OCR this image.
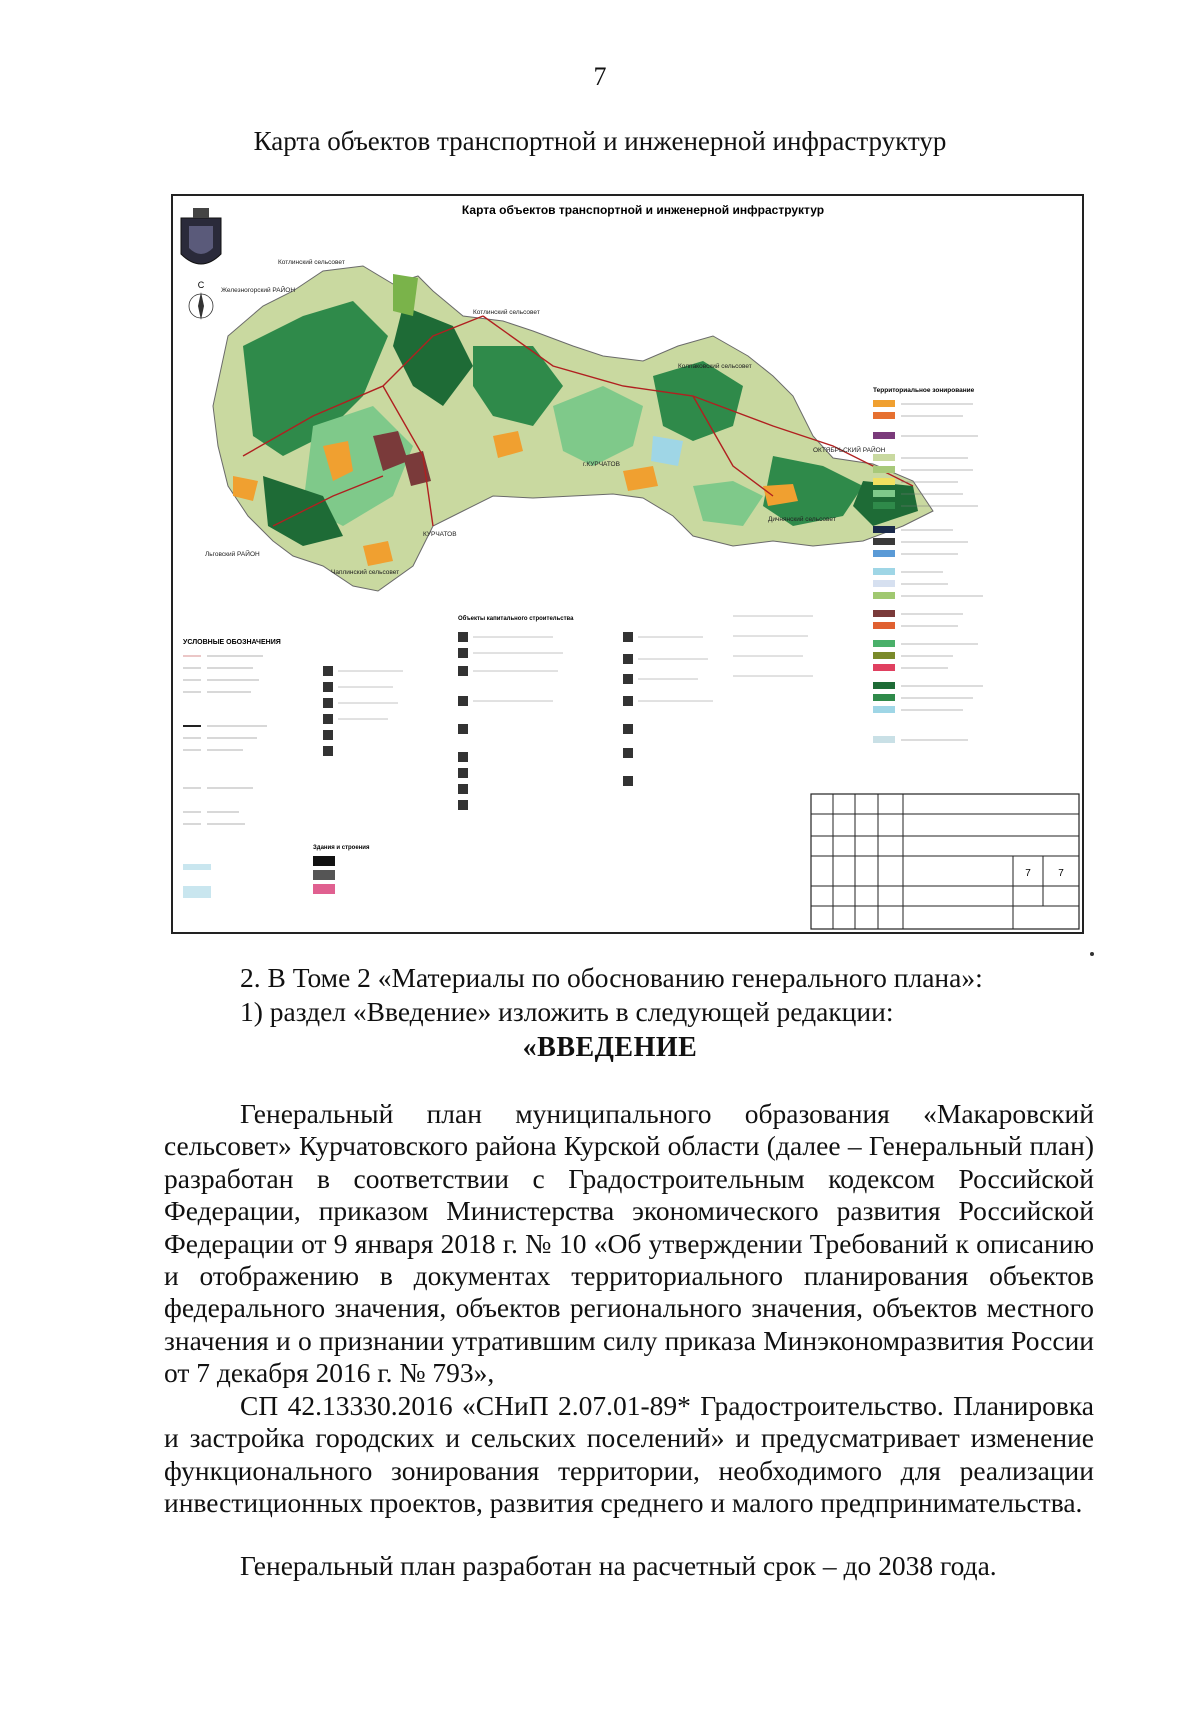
7
Карта объектов транспортной и инженерной инфраструктур
Карта объектов транспортной и инженерной инфраструктур
С
Котлинский сельсовет
Железногорский РАЙОН
Котлинский сельсовет
Колпаковский сельсовет
ОКТЯБРЬСКИЙ РАЙОН
Дичнянский сельсовет
г.КУРЧАТОВ
КУРЧАТОВ
Чаплинский сельсовет
Льговский РАЙОН
Территориальное зонирование
УСЛОВНЫЕ ОБОЗНАЧЕНИЯ
Здания и строения
Объекты капитального строительства
7	7
2. В Томе 2 «Материалы по обоснованию генерального плана»:
1) раздел «Введение» изложить в следующей редакции:
«ВВЕДЕНИЕ

Генеральный план муниципального образования «Макаровский сельсовет» Курчатовского района Курской области (далее – Генеральный план) разработан в соответствии с Градостроительным кодексом Российской Федерации, приказом Министерства экономического развития Российской Федерации от 9 января 2018 г. № 10 «Об утверждении Требований к описанию и отображению в документах территориального планирования объектов федерального значения, объектов регионального значения, объектов местного значения и о признании утратившим силу приказа Минэкономразвития России от 7 декабря 2016 г. № 793»,

СП 42.13330.2016 «СНиП 2.07.01-89* Градостроительство. Планировка и застройка городских и сельских поселений» и предусматривает изменение функционального зонирования территории, необходимого для реализации инвестиционных проектов, развития среднего и малого предпринимательства.

Генеральный план разработан на расчетный срок – до 2038 года.
